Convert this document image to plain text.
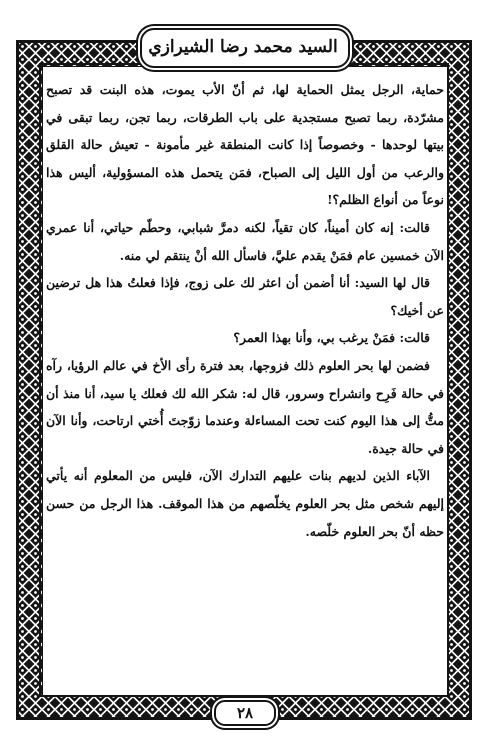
السيد محمد رضا الشيرازي

حماية، الرجل يمثل الحماية لها، ثم أنّ الأب يموت، هذه البنت قد تصبح مشرّدة، ربما تصبح مستجدية على باب الطرقات، ربما تجن، ربما تبقى في بيتها لوحدها - وخصوصاً إذا كانت المنطقة غير مأمونة - تعيش حالة القلق والرعب من أول الليل إلى الصباح، فمَن يتحمل هذه المسؤولية، أليس هذا نوعاً من أنواع الظلم؟!

قالت: إنه كان أميناً، كان تقياً، لكنه دمرَّ شبابي، وحطّم حياتي، أنا عمري الآن خمسين عام فمَنْ يقدم عليَّ، فاسأل الله أنْ ينتقم لي منه.

قال لها السيد: أنا أضمن أن اعثر لك على زوج، فإذا فعلتُ هذا هل ترضين عن أخيك؟

قالت: فمَنْ يرغب بي، وأنا بهذا العمر؟

فضمن لها بحر العلوم ذلك فزوجها، بعد فترة رأى الأخ في عالم الرؤيا، رآه في حالة فَرِح وانشراح وسرور، قال له: شكر الله لك فعلك يا سيد، أنا منذ أن متُّ إلى هذا اليوم كنت تحت المساءلة وعندما زوّجتَ أُختي ارتاحت، وأنا الآن في حالة جيدة.

الآباء الذين لديهم بنات عليهم التدارك الآن، فليس من المعلوم أنه يأتي إليهم شخص مثل بحر العلوم يخلّصهم من هذا الموقف. هذا الرجل من حسن حظه أنّ بحر العلوم خلّصه.

٢٨
